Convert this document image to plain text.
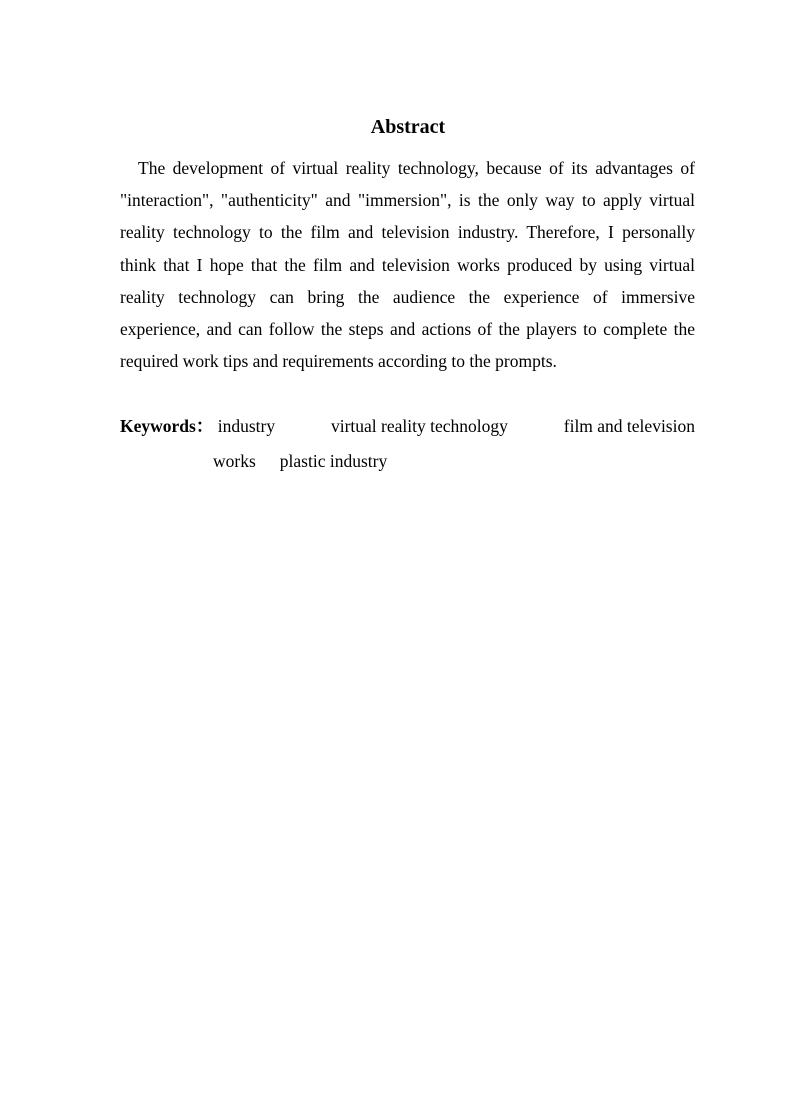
Abstract

The development of virtual reality technology, because of its advantages of "interaction", "authenticity" and "immersion", is the only way to apply virtual reality technology to the film and television industry. Therefore, I personally think that I hope that the film and television works produced by using virtual reality technology can bring the audience the experience of immersive experience, and can follow the steps and actions of the players to complete the required work tips and requirements according to the prompts.

Keywords： industry	virtual reality technology	film and television
works plastic industry
